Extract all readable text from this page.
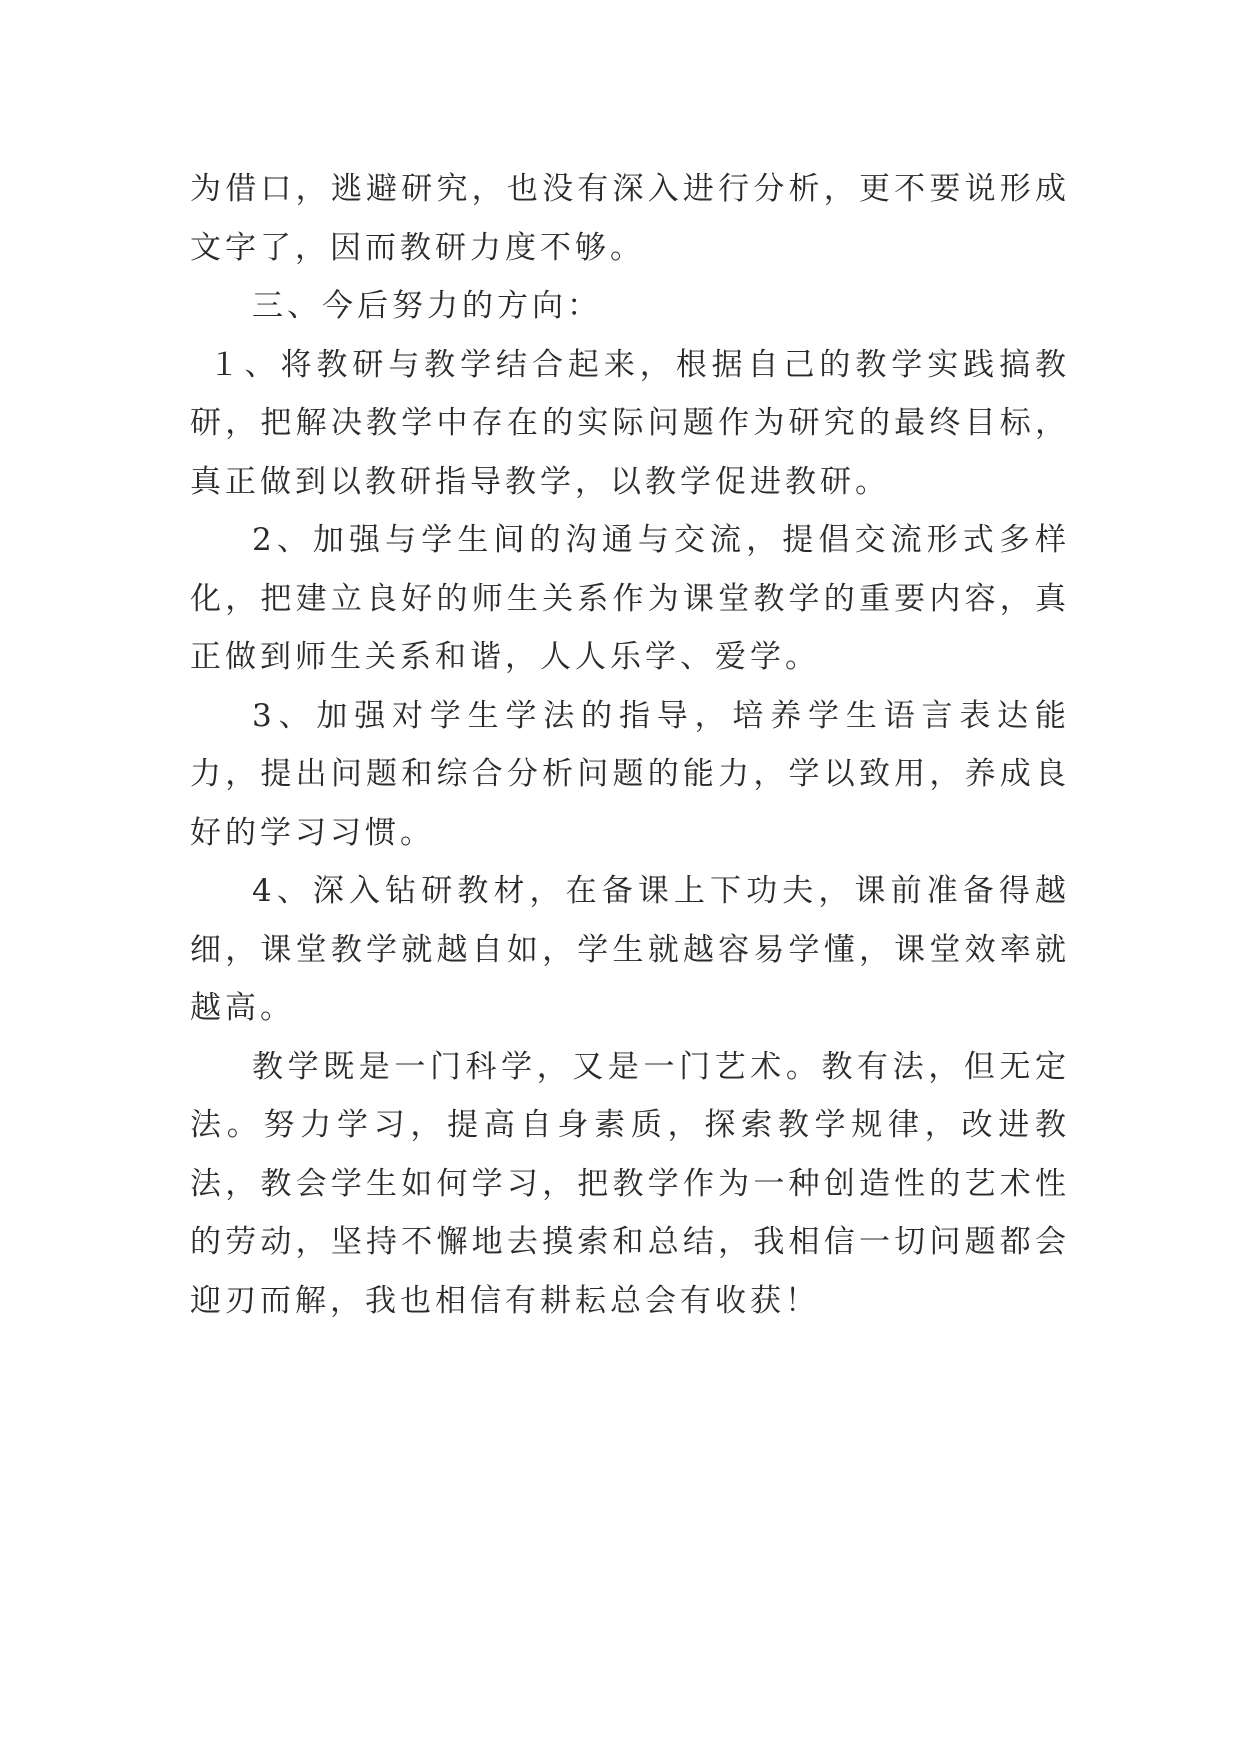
为借口，逃避研究，也没有深入进行分析，更不要说形成文字了，因而教研力度不够。

三、今后努力的方向：

１、将教研与教学结合起来，根据自己的教学实践搞教研，把解决教学中存在的实际问题作为研究的最终目标，真正做到以教研指导教学，以教学促进教研。

2、加强与学生间的沟通与交流，提倡交流形式多样化，把建立良好的师生关系作为课堂教学的重要内容，真正做到师生关系和谐，人人乐学、爱学。

3、加强对学生学法的指导，培养学生语言表达能力，提出问题和综合分析问题的能力，学以致用，养成良好的学习习惯。

4、深入钻研教材，在备课上下功夫，课前准备得越细，课堂教学就越自如，学生就越容易学懂，课堂效率就越高。

教学既是一门科学，又是一门艺术。教有法，但无定法。努力学习，提高自身素质，探索教学规律，改进教法，教会学生如何学习，把教学作为一种创造性的艺术性的劳动，坚持不懈地去摸索和总结，我相信一切问题都会迎刃而解，我也相信有耕耘总会有收获！
